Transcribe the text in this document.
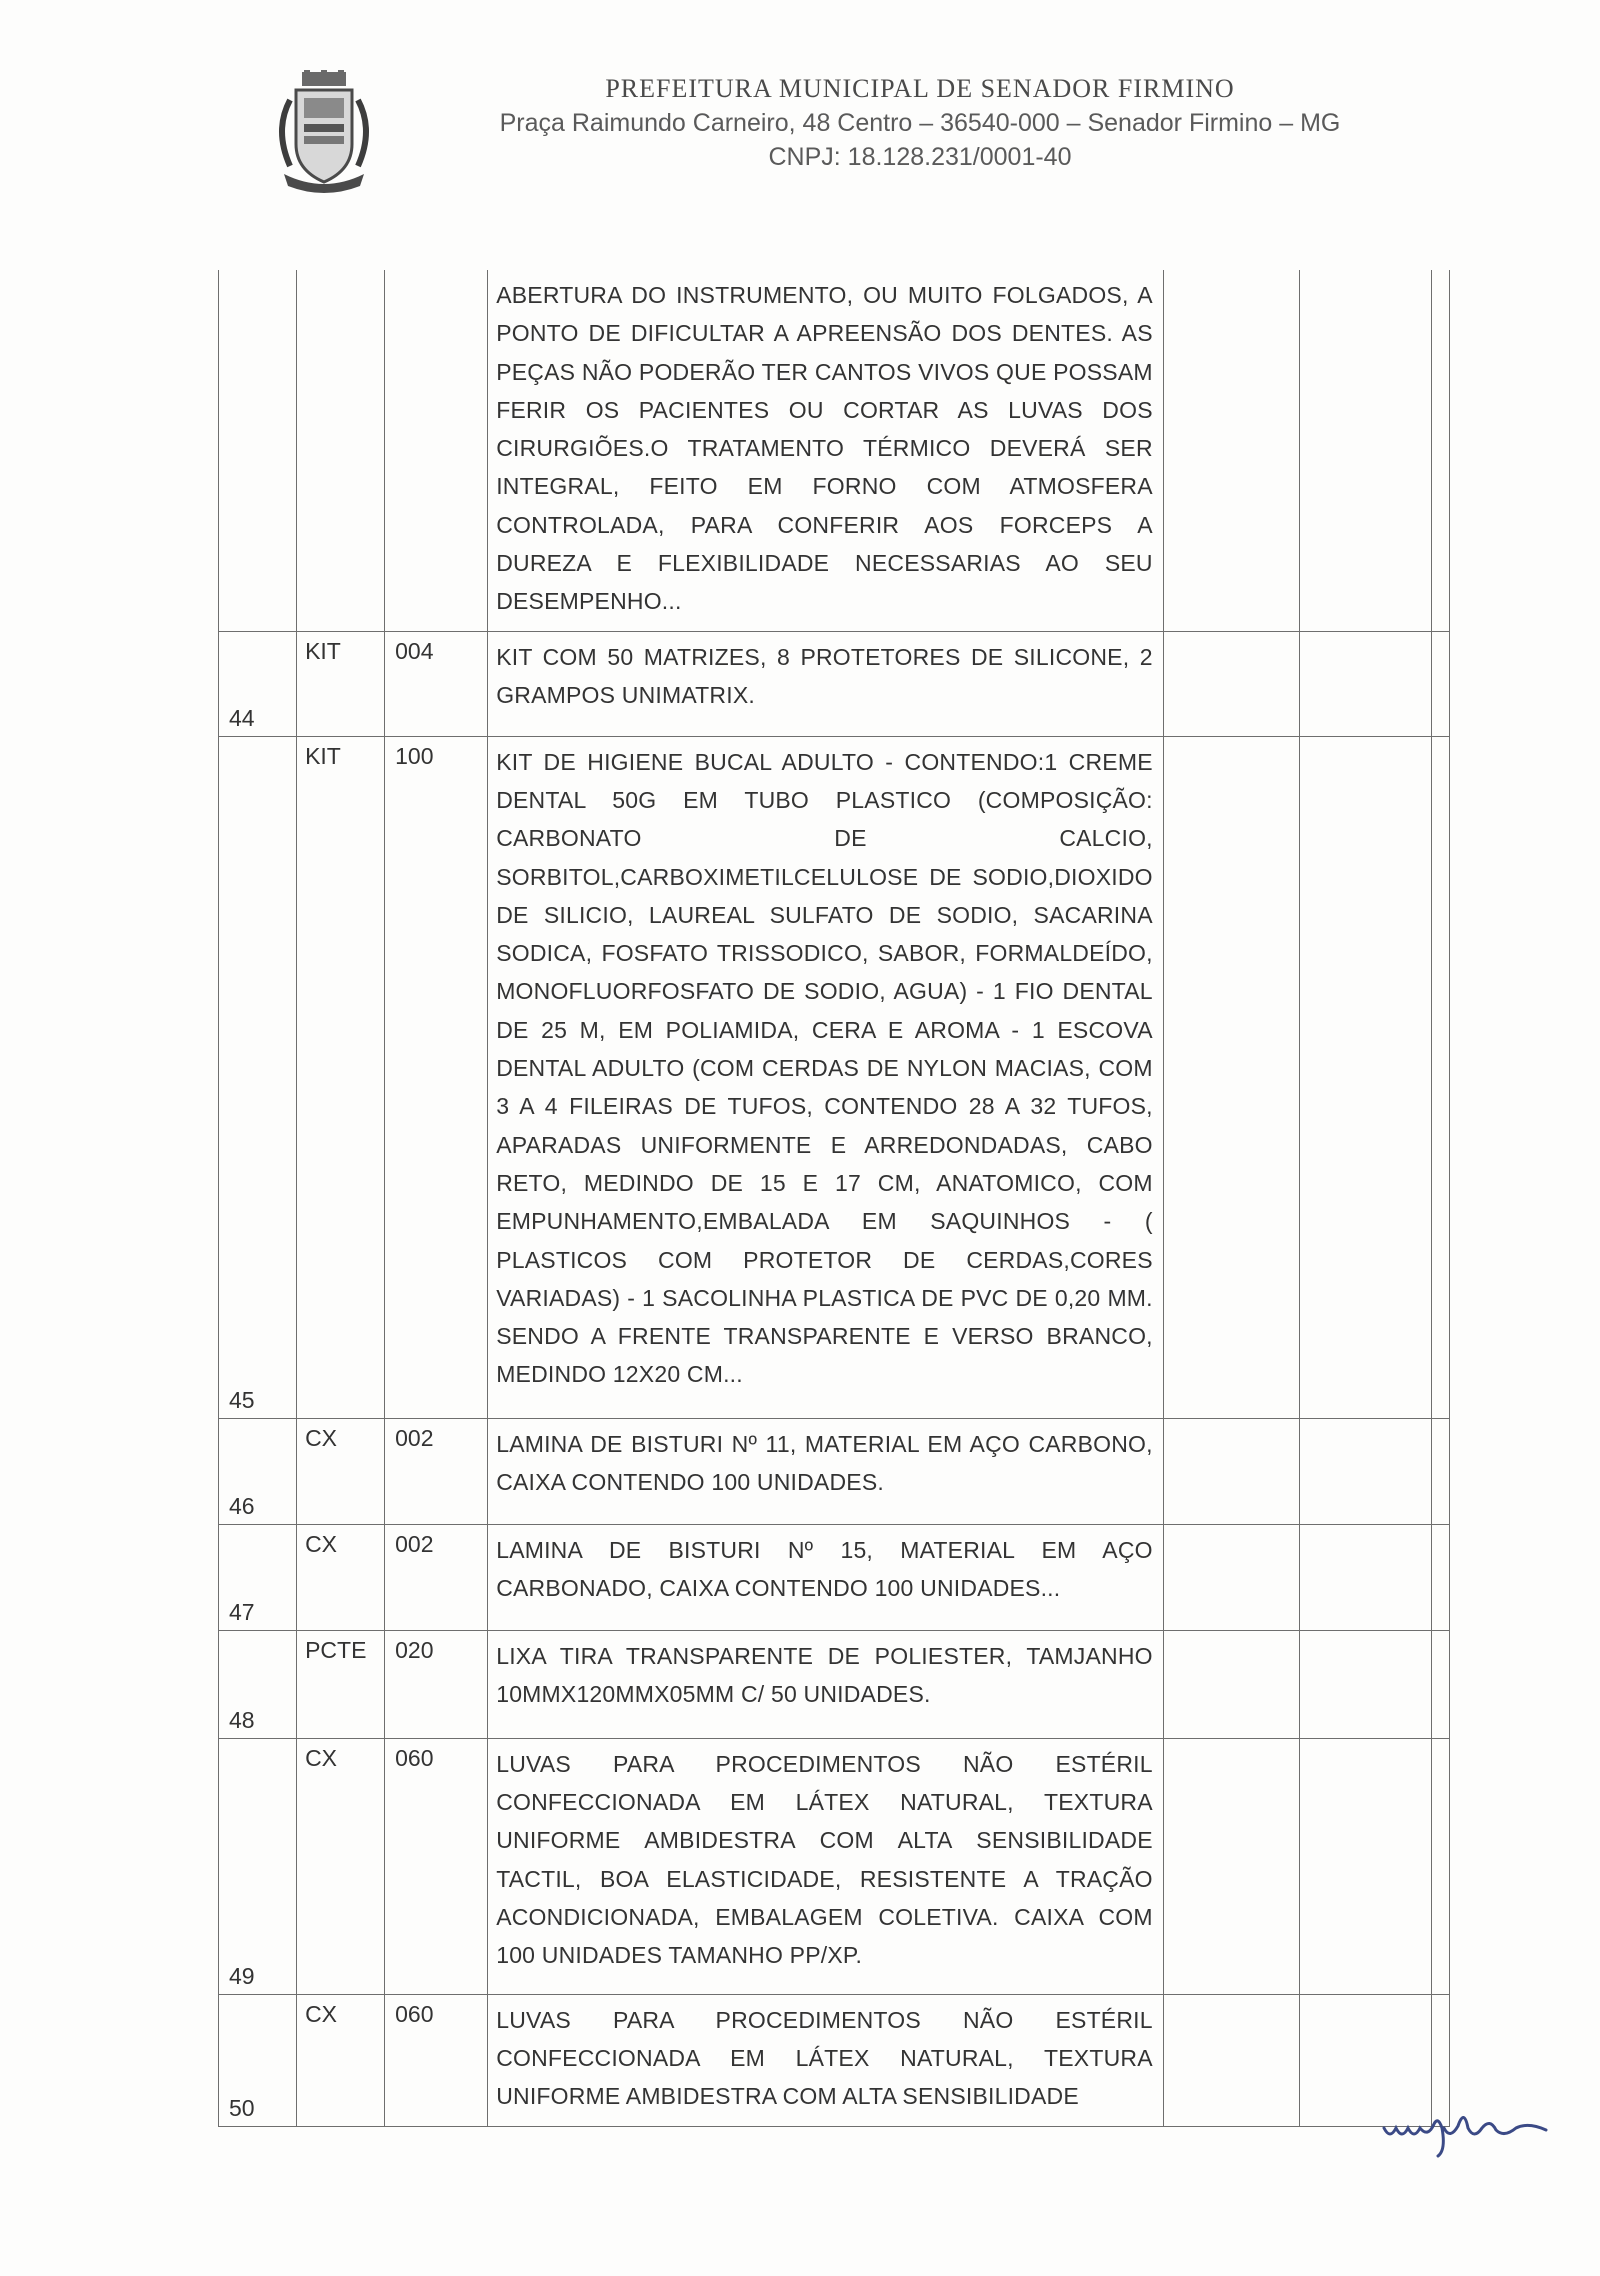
PREFEITURA MUNICIPAL DE SENADOR FIRMINO
Praça Raimundo Carneiro, 48 Centro – 36540-000 – Senador Firmino – MG
CNPJ: 18.128.231/0001-40
			ABERTURA DO INSTRUMENTO, OU MUITO FOLGADOS, A PONTO DE DIFICULTAR A APREENSÃO DOS DENTES. AS PEÇAS NÃO PODERÃO TER CANTOS VIVOS QUE POSSAM FERIR OS PACIENTES OU CORTAR AS LUVAS DOS CIRURGIÕES.O TRATAMENTO TÉRMICO DEVERÁ SER INTEGRAL, FEITO EM FORNO COM ATMOSFERA CONTROLADA, PARA CONFERIR AOS FORCEPS A DUREZA E FLEXIBILIDADE NECESSARIAS AO SEU DESEMPENHO...			
44	KIT	004	KIT COM 50 MATRIZES, 8 PROTETORES DE SILICONE, 2 GRAMPOS UNIMATRIX.			
45	KIT	100	KIT DE HIGIENE BUCAL ADULTO - CONTENDO:1 CREME DENTAL 50G EM TUBO PLASTICO (COMPOSIÇÃO: CARBONATO DE CALCIO, SORBITOL,CARBOXIMETILCELULOSE DE SODIO,DIOXIDO DE SILICIO, LAUREAL SULFATO DE SODIO, SACARINA SODICA, FOSFATO TRISSODICO, SABOR, FORMALDEÍDO, MONOFLUORFOSFATO DE SODIO, AGUA) - 1 FIO DENTAL DE 25 M, EM POLIAMIDA, CERA E AROMA - 1 ESCOVA DENTAL ADULTO (COM CERDAS DE NYLON MACIAS, COM 3 A 4 FILEIRAS DE TUFOS, CONTENDO 28 A 32 TUFOS, APARADAS UNIFORMENTE E ARREDONDADAS, CABO RETO, MEDINDO DE 15 E 17 CM, ANATOMICO, COM EMPUNHAMENTO,EMBALADA EM SAQUINHOS - ( PLASTICOS COM PROTETOR DE CERDAS,CORES VARIADAS) - 1 SACOLINHA PLASTICA DE PVC DE 0,20 MM. SENDO A FRENTE TRANSPARENTE E VERSO BRANCO, MEDINDO 12X20 CM...			
46	CX	002	LAMINA DE BISTURI Nº 11, MATERIAL EM AÇO CARBONO, CAIXA CONTENDO 100 UNIDADES.			
47	CX	002	LAMINA DE BISTURI Nº 15, MATERIAL EM AÇO CARBONADO, CAIXA CONTENDO 100 UNIDADES...			
48	PCTE	020	LIXA TIRA TRANSPARENTE DE POLIESTER, TAMJANHO 10MMX120MMX05MM C/ 50 UNIDADES.			
49	CX	060	LUVAS PARA PROCEDIMENTOS NÃO ESTÉRIL CONFECCIONADA EM LÁTEX NATURAL, TEXTURA UNIFORME AMBIDESTRA COM ALTA SENSIBILIDADE TACTIL, BOA ELASTICIDADE, RESISTENTE A TRAÇÃO ACONDICIONADA, EMBALAGEM COLETIVA. CAIXA COM 100 UNIDADES TAMANHO PP/XP.			
50	CX	060	LUVAS PARA PROCEDIMENTOS NÃO ESTÉRIL CONFECCIONADA EM LÁTEX NATURAL, TEXTURA UNIFORME AMBIDESTRA COM ALTA SENSIBILIDADE			
